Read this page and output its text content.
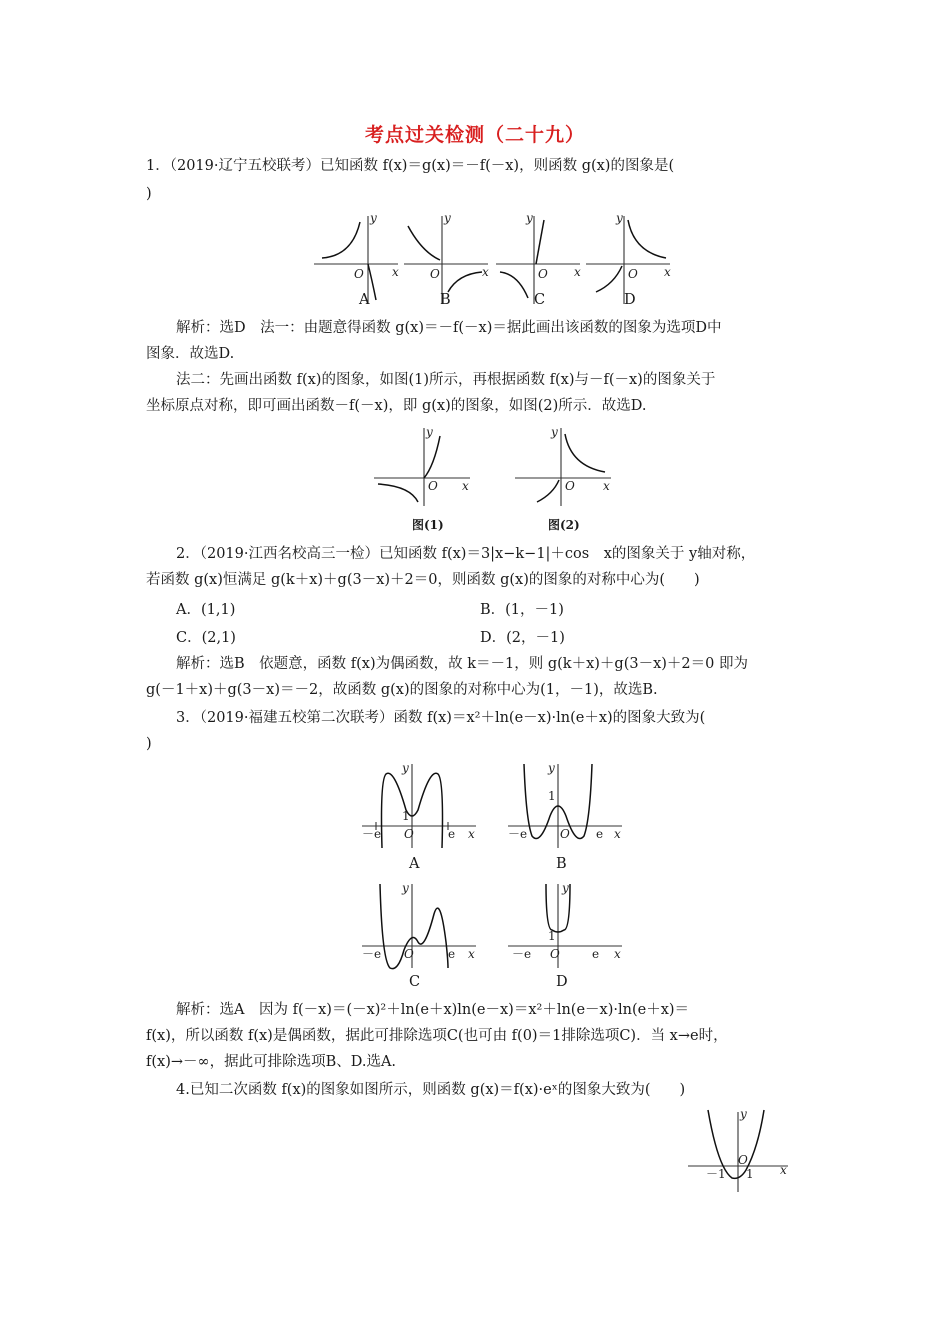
考点过关检测（二十九）
1．（2019·辽宁五校联考）已知函数 f(x)＝g(x)＝－f(－x)，则函数 g(x)的图象是(
)
y
x
O
y
x
O
y
x
O
y
x
O
A	B	C	D
解析：选D　法一：由题意得函数 g(x)＝－f(－x)＝据此画出该函数的图象为选项D中
图象．故选D.
法二：先画出函数 f(x)的图象，如图(1)所示，再根据函数 f(x)与－f(－x)的图象关于
坐标原点对称，即可画出函数－f(－x)，即 g(x)的图象，如图(2)所示．故选D.
y
x
O
y
x
O
图(1)	图(2)
2．（2019·江西名校高三一检）已知函数 f(x)＝3|x−k−1|＋cos　x的图象关于 y轴对称，
若函数 g(x)恒满足 g(k＋x)＋g(3－x)＋2＝0，则函数 g(x)的图象的对称中心为(　　)
A．(1,1)	B．(1，－1)
C．(2,1)	D．(2，－1)
解析：选B　依题意，函数 f(x)为偶函数，故 k＝－1，则 g(k＋x)＋g(3－x)＋2＝0 即为
g(－1＋x)＋g(3－x)＝－2，故函数 g(x)的图象的对称中心为(1，－1)，故选B.
3．（2019·福建五校第二次联考）函数 f(x)＝x²＋ln(e－x)·ln(e＋x)的图象大致为(
)
y
x
O
－e	e
1
y
x
O
－e	e
1
y
x
O
－e	e
y
x
O
－e	e
1
A	B
C	D
解析：选A　因为 f(－x)＝(－x)²＋ln(e＋x)ln(e－x)＝x²＋ln(e－x)·ln(e＋x)＝
f(x)，所以函数 f(x)是偶函数，据此可排除选项C(也可由 f(0)＝1排除选项C)．当 x→e时，
f(x)→－∞，据此可排除选项B、D.选A.
4.已知二次函数 f(x)的图象如图所示，则函数 g(x)＝f(x)·eˣ的图象大致为(　　)
y
x
O
－1 1
